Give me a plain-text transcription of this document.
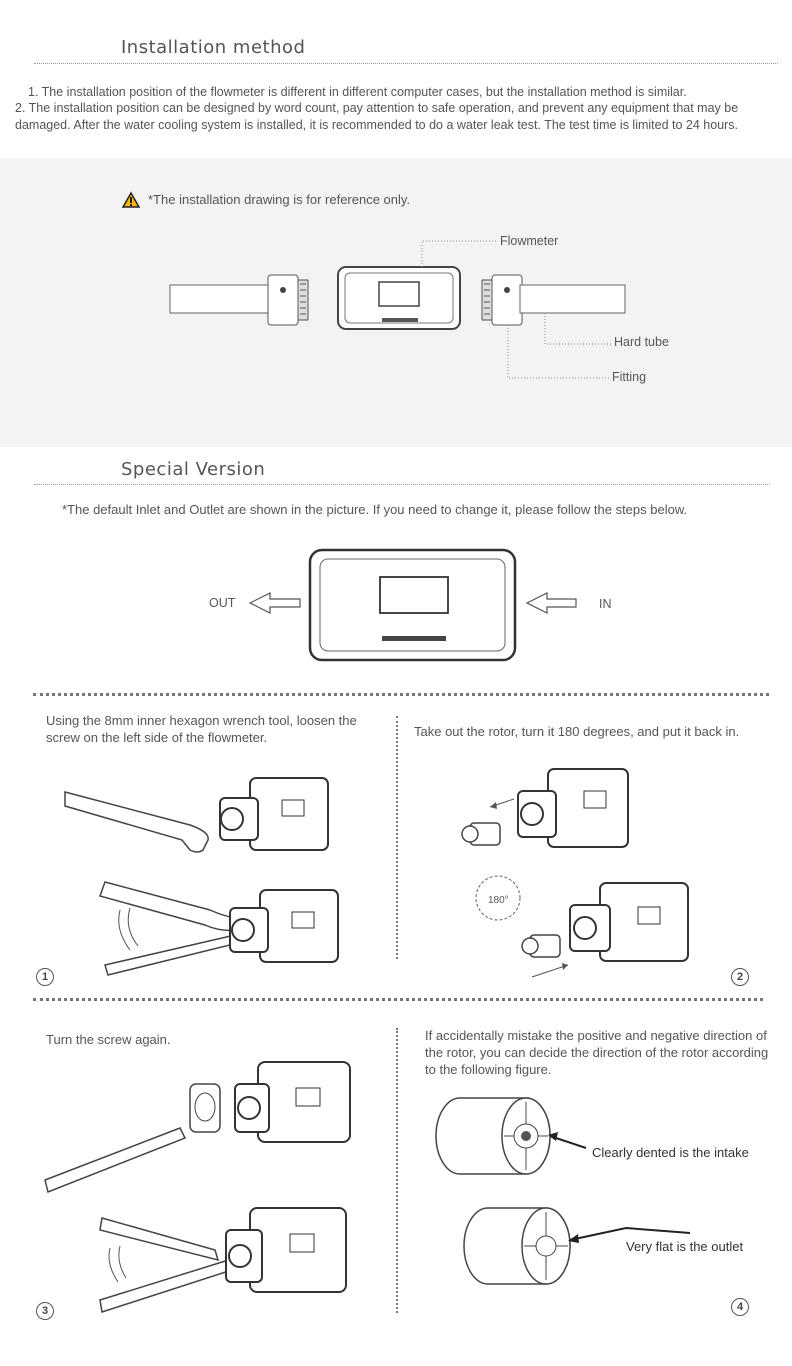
Installation method

1. The installation position of the flowmeter is different in different computer cases, but the installation method is similar.

2. The installation position can be designed by word count, pay attention to safe operation, and prevent any equipment that may be damaged. After the water cooling system is installed, it is recommended to do a water leak test. The test time is limited to 24 hours.

*The installation drawing is for reference only.
Flowmeter
Hard tube
Fitting
Special Version
*The default Inlet and Outlet are shown in the picture. If you need to change it, please follow the steps below.
OUT	IN

Using the 8mm inner hexagon wrench tool, loosen the screw on the left side of the flowmeter.

1

Take out the rotor, turn it 180 degrees, and put it back in.

180°
2

Turn the screw again.

3

If accidentally mistake the positive and negative direction of the rotor, you can decide the direction of the rotor according to the following figure.

Clearly dented is the intake
Very flat is the outlet
4
